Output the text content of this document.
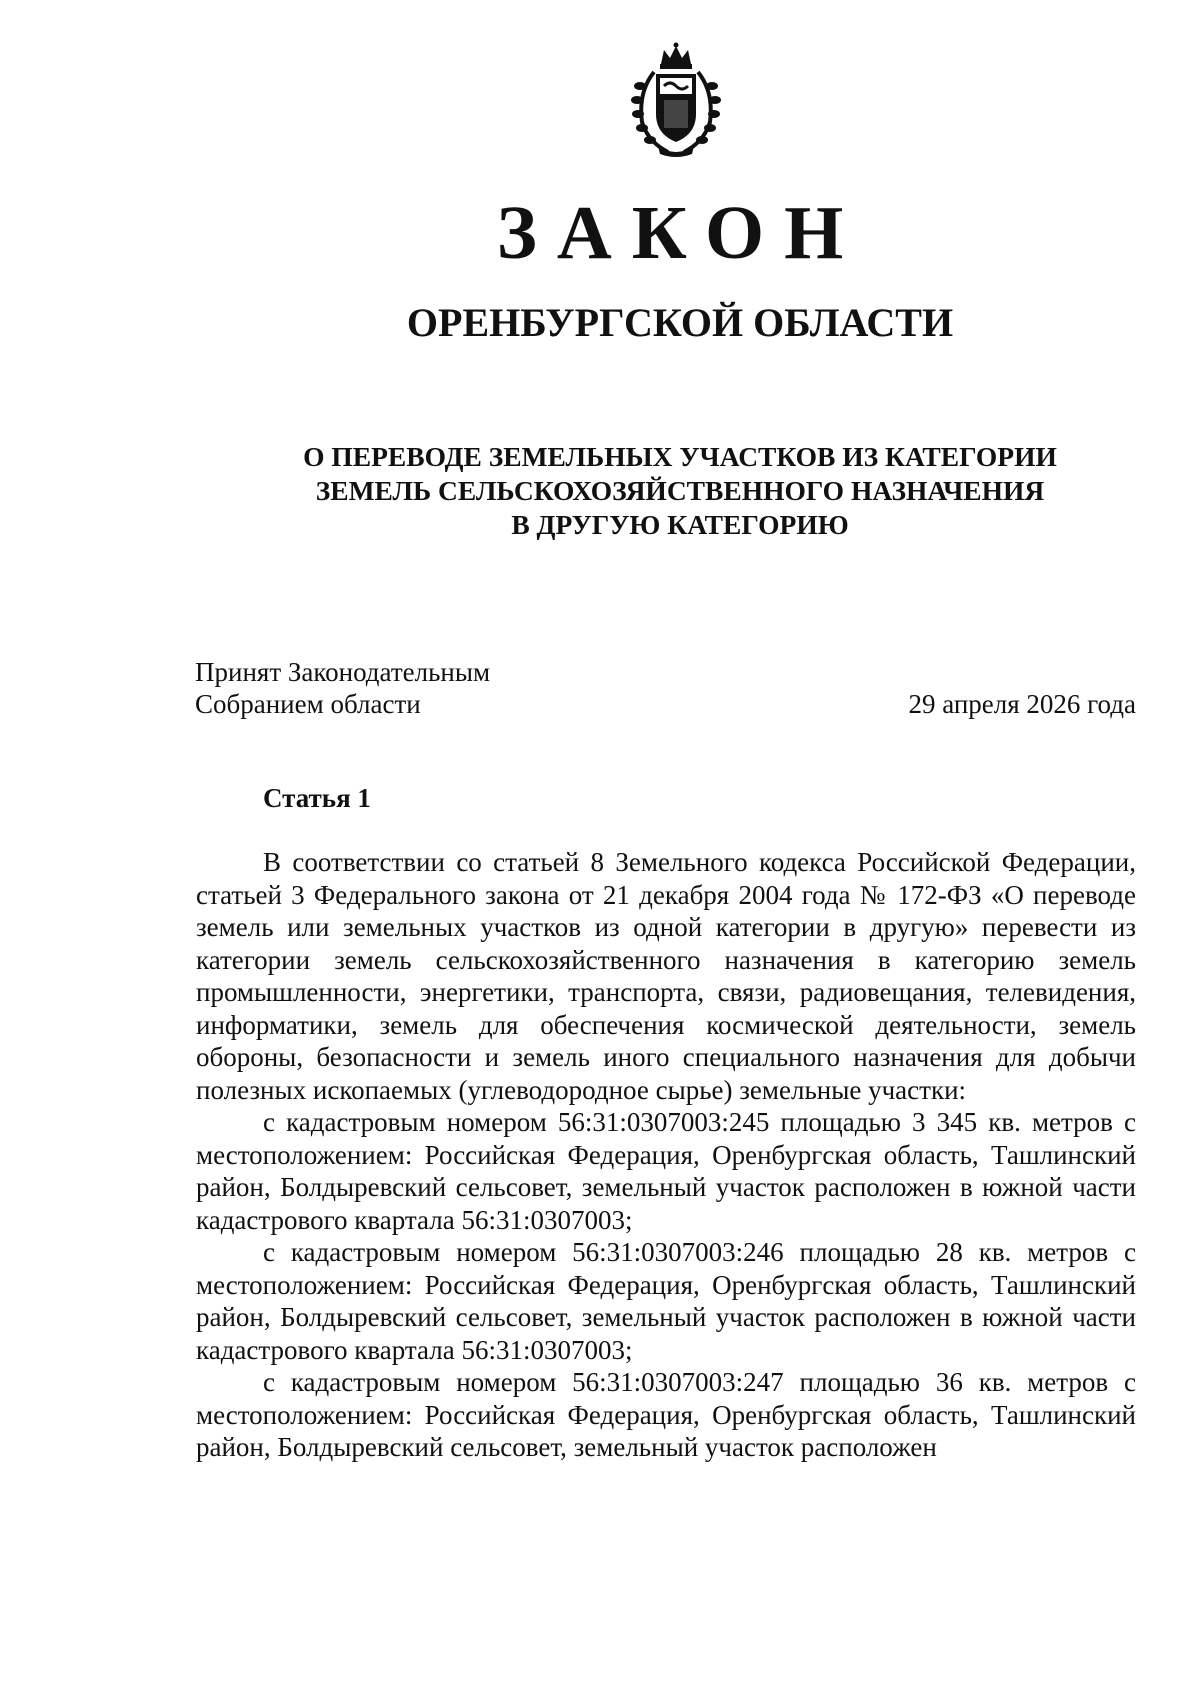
ЗАКОН
ОРЕНБУРГСКОЙ ОБЛАСТИ
О ПЕРЕВОДЕ ЗЕМЕЛЬНЫХ УЧАСТКОВ ИЗ КАТЕГОРИИ
ЗЕМЕЛЬ СЕЛЬСКОХОЗЯЙСТВЕННОГО НАЗНАЧЕНИЯ
В ДРУГУЮ КАТЕГОРИЮ
Принят Законодательным
Собранием области	29 апреля 2026 года
Статья 1

В соответствии со статьей 8 Земельного кодекса Российской Федерации, статьей 3 Федерального закона от 21 декабря 2004 года № 172-ФЗ «О переводе земель или земельных участков из одной категории в другую» перевести из категории земель сельскохозяйственного назначения в категорию земель промышленности, энергетики, транспорта, связи, радиовещания, телевидения, информатики, земель для обеспечения космической деятельности, земель обороны, безопасности и земель иного специального назначения для добычи полезных ископаемых (углеводородное сырье) земельные участки:

с кадастровым номером 56:31:0307003:245 площадью 3 345 кв. метров с местоположением: Российская Федерация, Оренбургская область, Ташлинский район, Болдыревский сельсовет, земельный участок расположен в южной части кадастрового квартала 56:31:0307003;

с кадастровым номером 56:31:0307003:246 площадью 28 кв. метров с местоположением: Российская Федерация, Оренбургская область, Ташлинский район, Болдыревский сельсовет, земельный участок расположен в южной части кадастрового квартала 56:31:0307003;

с кадастровым номером 56:31:0307003:247 площадью 36 кв. метров с местоположением: Российская Федерация, Оренбургская область, Ташлинский район, Болдыревский сельсовет, земельный участок расположен
